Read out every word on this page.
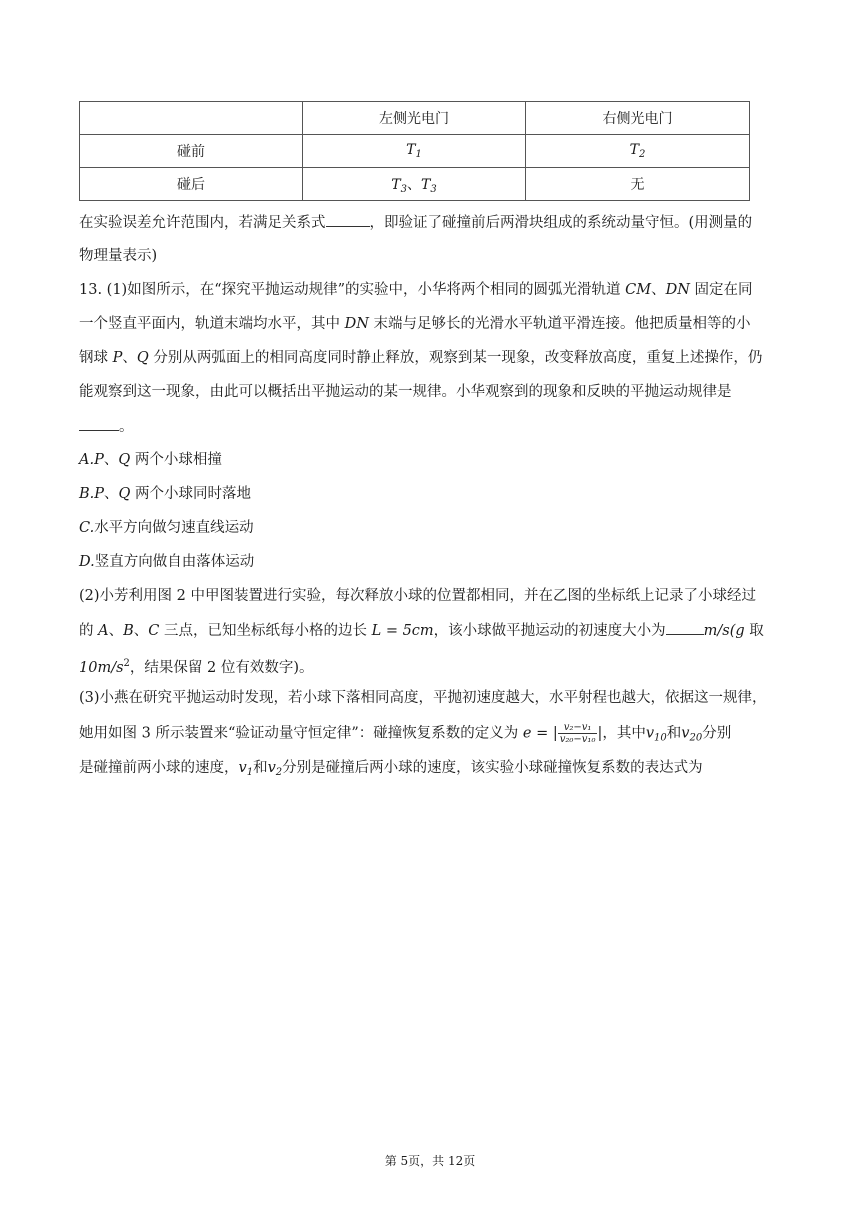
	左侧光电门	右侧光电门
碰前	$T_1$	$T_2$
碰后	$T_3$、$T_3$	无
在实验误差允许范围内，若满足关系式	，即验证了碰撞前后两滑块组成的系统动量守恒。(用测量的
物理量表示)
13. (1)如图所示，在“探究平抛运动规律”的实验中，小华将两个相同的圆弧光滑轨道 CM、DN 固定在同
一个竖直平面内，轨道末端均水平，其中 DN 末端与足够长的光滑水平轨道平滑连接。他把质量相等的小
钢球 P、Q 分别从两弧面上的相同高度同时静止释放，观察到某一现象，改变释放高度，重复上述操作，仍
能观察到这一现象，由此可以概括出平抛运动的某一规律。小华观察到的现象和反映的平抛运动规律是
。
A.P、Q 两个小球相撞
B.P、Q 两个小球同时落地
C.水平方向做匀速直线运动
D.竖直方向做自由落体运动
(2)小芳利用图 2 中甲图装置进行实验，每次释放小球的位置都相同，并在乙图的坐标纸上记录了小球经过
的 A、B、C 三点，已知坐标纸每小格的边长 L = 5cm，该小球做平抛运动的初速度大小为	m/s(g 取
$10m/s^2$，结果保留 2 位有效数字)。
(3)小燕在研究平抛运动时发现，若小球下落相同高度，平抛初速度越大，水平射程也越大，依据这一规律，
她用如图 3 所示装置来“验证动量守恒定律”：碰撞恢复系数的定义为 e = | $\frac{\text{v₂−v₁}}{\text{v₂₀−v₁₀}}$ |，其中$v_{10}$和$v_{20}$分别
是碰撞前两小球的速度，$v_1$和$v_2$分别是碰撞后两小球的速度，该实验小球碰撞恢复系数的表达式为
第 5页，共 12页
